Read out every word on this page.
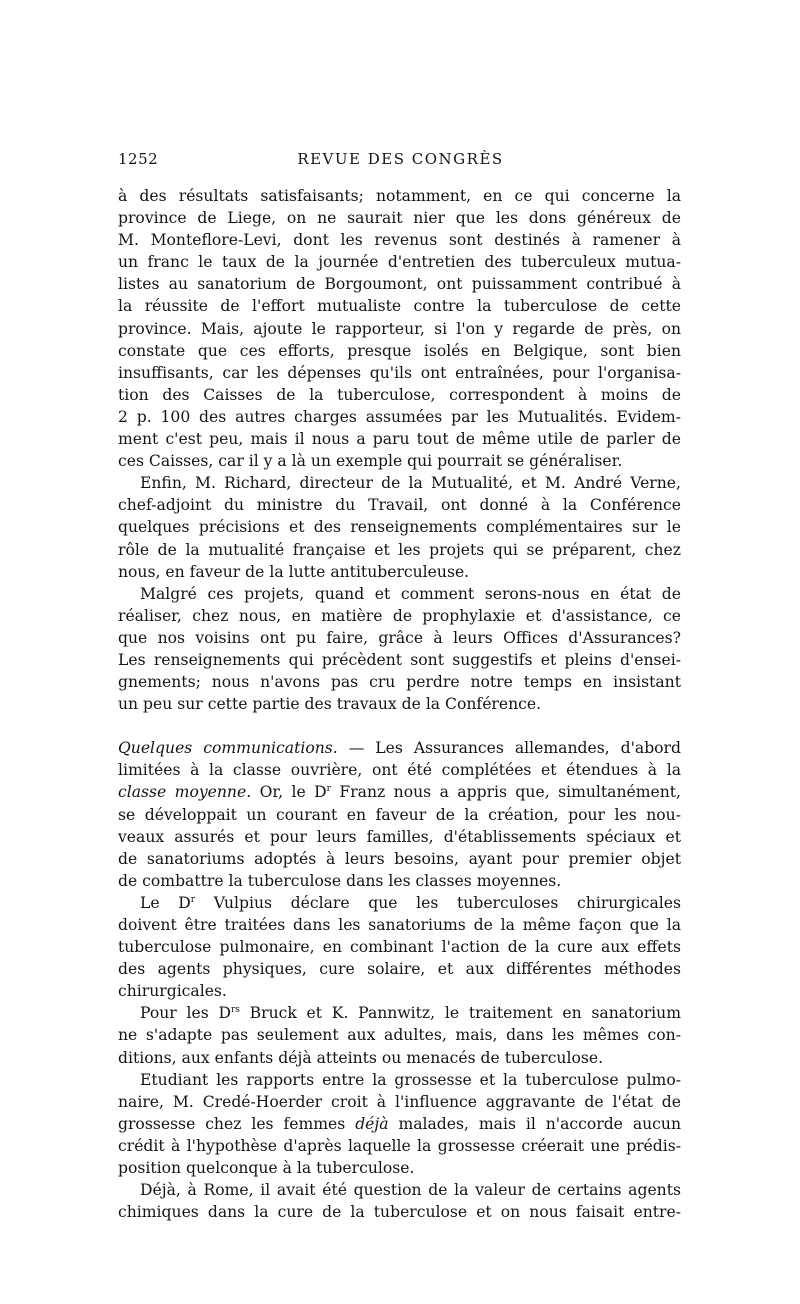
1252	REVUE DES CONGRÈS
à des résultats satisfaisants; notamment, en ce qui concerne la
province de Liege, on ne saurait nier que les dons généreux de
M. Monteflore-Levi, dont les revenus sont destinés à ramener à
un franc le taux de la journée d'entretien des tuberculeux mutua-
listes au sanatorium de Borgoumont, ont puissamment contribué à
la réussite de l'effort mutualiste contre la tuberculose de cette
province. Mais, ajoute le rapporteur, si l'on y regarde de près, on
constate que ces efforts, presque isolés en Belgique, sont bien
insuffisants, car les dépenses qu'ils ont entraînées, pour l'organisa-
tion des Caisses de la tuberculose, correspondent à moins de
2 p. 100 des autres charges assumées par les Mutualités. Evidem-
ment c'est peu, mais il nous a paru tout de même utile de parler de
ces Caisses, car il y a là un exemple qui pourrait se généraliser.
Enfin, M. Richard, directeur de la Mutualité, et M. André Verne,
chef-adjoint du ministre du Travail, ont donné à la Conférence
quelques précisions et des renseignements complémentaires sur le
rôle de la mutualité française et les projets qui se préparent, chez
nous, en faveur de la lutte antituberculeuse.
Malgré ces projets, quand et comment serons-nous en état de
réaliser, chez nous, en matière de prophylaxie et d'assistance, ce
que nos voisins ont pu faire, grâce à leurs Offices d'Assurances?
Les renseignements qui précèdent sont suggestifs et pleins d'ensei-
gnements; nous n'avons pas cru perdre notre temps en insistant
un peu sur cette partie des travaux de la Conférence.
Quelques communications. — Les Assurances allemandes, d'abord
limitées à la classe ouvrière, ont été complétées et étendues à la
classe moyenne. Or, le $D^r$ Franz nous a appris que, simultanément,
se développait un courant en faveur de la création, pour les nou-
veaux assurés et pour leurs familles, d'établissements spéciaux et
de sanatoriums adoptés à leurs besoins, ayant pour premier objet
de combattre la tuberculose dans les classes moyennes.
Le $D^r$ Vulpius déclare que les tuberculoses chirurgicales
doivent être traitées dans les sanatoriums de la même façon que la
tuberculose pulmonaire, en combinant l'action de la cure aux effets
des agents physiques, cure solaire, et aux différentes méthodes
chirurgicales.
Pour les $D^{rs}$ Bruck et K. Pannwitz, le traitement en sanatorium
ne s'adapte pas seulement aux adultes, mais, dans les mêmes con-
ditions, aux enfants déjà atteints ou menacés de tuberculose.
Etudiant les rapports entre la grossesse et la tuberculose pulmo-
naire, M. Credé-Hoerder croit à l'influence aggravante de l'état de
grossesse chez les femmes déjà malades, mais il n'accorde aucun
crédit à l'hypothèse d'après laquelle la grossesse créerait une prédis-
position quelconque à la tuberculose.
Déjà, à Rome, il avait été question de la valeur de certains agents
chimiques dans la cure de la tuberculose et on nous faisait entre-
